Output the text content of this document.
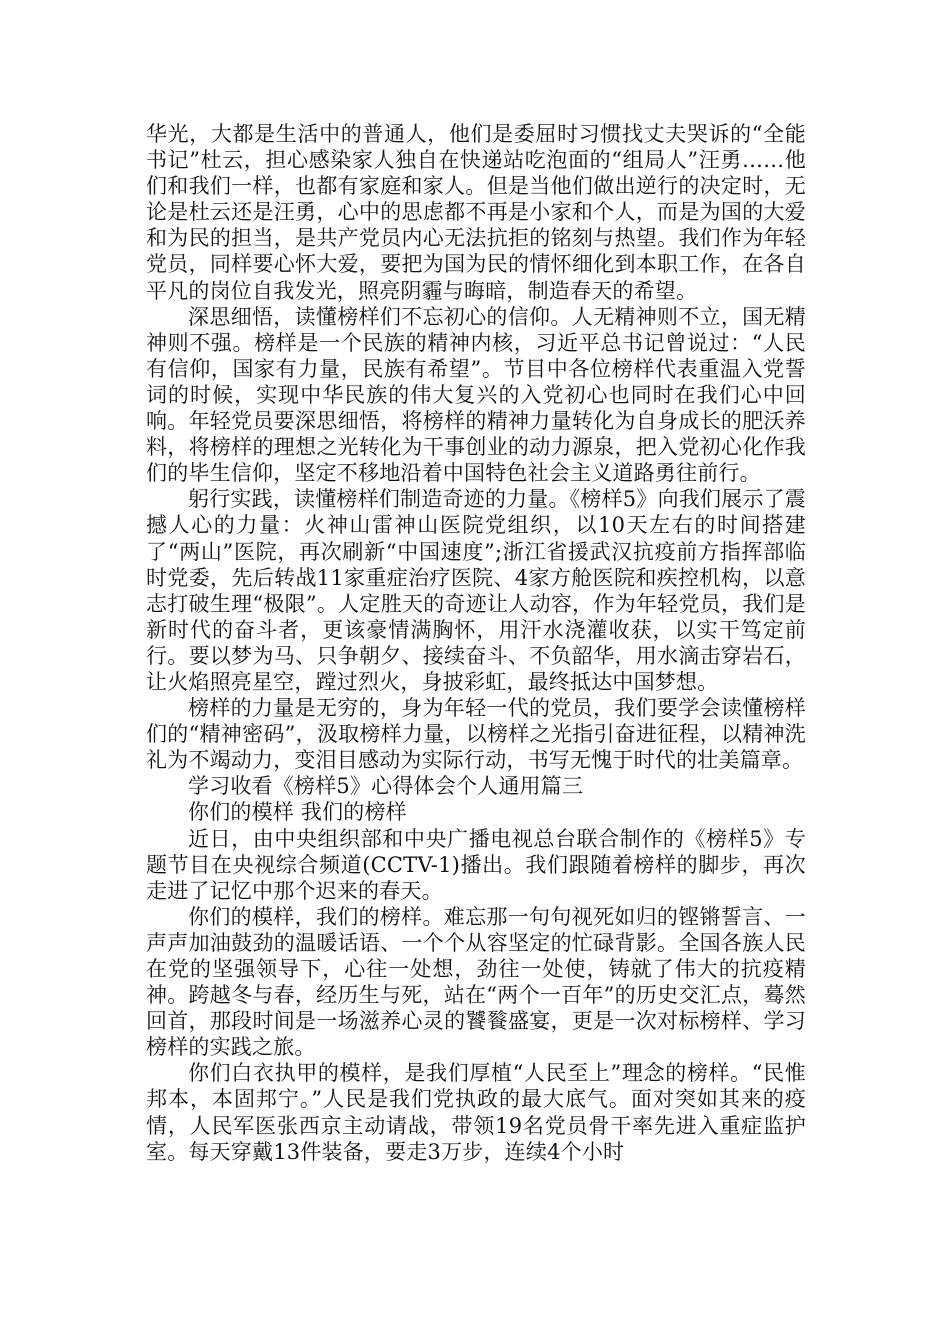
华光，大都是生活中的普通人，他们是委屈时习惯找丈夫哭诉的“全能书记”杜云，担心感染家人独自在快递站吃泡面的“组局人”汪勇……他们和我们一样，也都有家庭和家人。但是当他们做出逆行的决定时，无论是杜云还是汪勇，心中的思虑都不再是小家和个人，而是为国的大爱和为民的担当，是共产党员内心无法抗拒的铭刻与热望。我们作为年轻党员，同样要心怀大爱，要把为国为民的情怀细化到本职工作，在各自平凡的岗位自我发光，照亮阴霾与晦暗，制造春天的希望。

深思细悟，读懂榜样们不忘初心的信仰。人无精神则不立，国无精神则不强。榜样是一个民族的精神内核，习近平总书记曾说过：“人民有信仰，国家有力量，民族有希望”。节目中各位榜样代表重温入党誓词的时候，实现中华民族的伟大复兴的入党初心也同时在我们心中回响。年轻党员要深思细悟，将榜样的精神力量转化为自身成长的肥沃养料，将榜样的理想之光转化为干事创业的动力源泉，把入党初心化作我们的毕生信仰，坚定不移地沿着中国特色社会主义道路勇往前行。

躬行实践，读懂榜样们制造奇迹的力量。《榜样5》向我们展示了震撼人心的力量：火神山雷神山医院党组织，以10天左右的时间搭建了“两山”医院，再次刷新“中国速度”;浙江省援武汉抗疫前方指挥部临时党委，先后转战11家重症治疗医院、4家方舱医院和疾控机构，以意志打破生理“极限”。人定胜天的奇迹让人动容，作为年轻党员，我们是新时代的奋斗者，更该豪情满胸怀，用汗水浇灌收获，以实干笃定前行。要以梦为马、只争朝夕、接续奋斗、不负韶华，用水滴击穿岩石，让火焰照亮星空，蹚过烈火，身披彩虹，最终抵达中国梦想。

榜样的力量是无穷的，身为年轻一代的党员，我们要学会读懂榜样们的“精神密码”，汲取榜样力量，以榜样之光指引奋进征程，以精神洗礼为不竭动力，变泪目感动为实际行动，书写无愧于时代的壮美篇章。

学习收看《榜样5》心得体会个人通用篇三

你们的模样 我们的榜样

近日，由中央组织部和中央广播电视总台联合制作的《榜样5》专题节目在央视综合频道(CCTV-1)播出。我们跟随着榜样的脚步，再次走进了记忆中那个迟来的春天。

你们的模样，我们的榜样。难忘那一句句视死如归的铿锵誓言、一声声加油鼓劲的温暖话语、一个个从容坚定的忙碌背影。全国各族人民在党的坚强领导下，心往一处想，劲往一处使，铸就了伟大的抗疫精神。跨越冬与春，经历生与死，站在“两个一百年”的历史交汇点，蓦然回首，那段时间是一场滋养心灵的饕餮盛宴，更是一次对标榜样、学习榜样的实践之旅。

你们白衣执甲的模样，是我们厚植“人民至上”理念的榜样。“民惟邦本，本固邦宁。”人民是我们党执政的最大底气。面对突如其来的疫情，人民军医张西京主动请战，带领19名党员骨干率先进入重症监护室。每天穿戴13件装备，要走3万步，连续4个小时
